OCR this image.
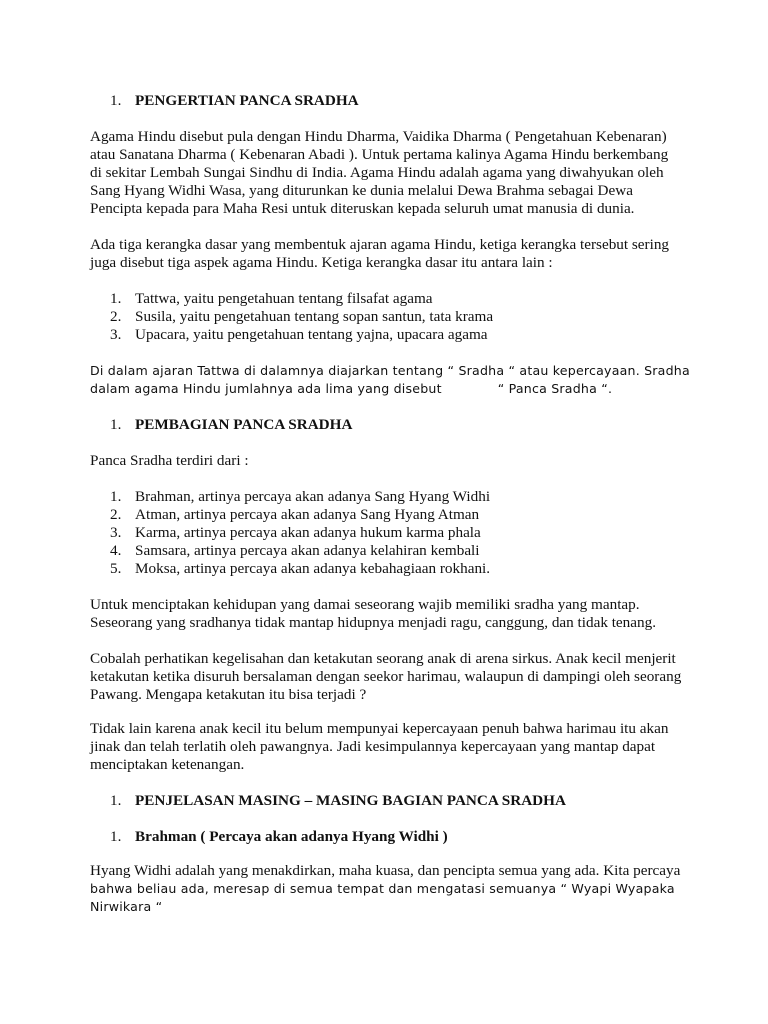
1. PENGERTIAN PANCA SRADHA
Agama Hindu disebut pula dengan Hindu Dharma, Vaidika Dharma ( Pengetahuan Kebenaran)
atau Sanatana Dharma ( Kebenaran Abadi ). Untuk pertama kalinya Agama Hindu berkembang
di sekitar Lembah Sungai Sindhu di India. Agama Hindu adalah agama yang diwahyukan oleh
Sang Hyang Widhi Wasa, yang diturunkan ke dunia melalui Dewa Brahma sebagai Dewa
Pencipta kepada para Maha Resi untuk diteruskan kepada seluruh umat manusia di dunia.
Ada tiga kerangka dasar yang membentuk ajaran agama Hindu, ketiga kerangka tersebut sering
juga disebut tiga aspek agama Hindu. Ketiga kerangka dasar itu antara lain :
1. Tattwa, yaitu pengetahuan tentang filsafat agama
2. Susila, yaitu pengetahuan tentang sopan santun, tata krama
3. Upacara, yaitu pengetahuan tentang yajna, upacara agama
Di dalam ajaran Tattwa di dalamnya diajarkan tentang “ Sradha “ atau kepercayaan. Sradha
dalam agama Hindu jumlahnya ada lima yang disebut	“ Panca Sradha “.
1. PEMBAGIAN PANCA SRADHA
Panca Sradha terdiri dari :
1. Brahman, artinya percaya akan adanya Sang Hyang Widhi
2. Atman, artinya percaya akan adanya Sang Hyang Atman
3. Karma, artinya percaya akan adanya hukum karma phala
4. Samsara, artinya percaya akan adanya kelahiran kembali
5. Moksa, artinya percaya akan adanya kebahagiaan rokhani.
Untuk menciptakan kehidupan yang damai seseorang wajib memiliki sradha yang mantap.
Seseorang yang sradhanya tidak mantap hidupnya menjadi ragu, canggung, dan tidak tenang.
Cobalah perhatikan kegelisahan dan ketakutan seorang anak di arena sirkus. Anak kecil menjerit
ketakutan ketika disuruh bersalaman dengan seekor harimau, walaupun di dampingi oleh seorang
Pawang. Mengapa ketakutan itu bisa terjadi ?
Tidak lain karena anak kecil itu belum mempunyai kepercayaan penuh bahwa harimau itu akan
jinak dan telah terlatih oleh pawangnya. Jadi kesimpulannya kepercayaan yang mantap dapat
menciptakan ketenangan.
1. PENJELASAN MASING – MASING BAGIAN PANCA SRADHA
1. Brahman ( Percaya akan adanya Hyang Widhi )
Hyang Widhi adalah yang menakdirkan, maha kuasa, dan pencipta semua yang ada. Kita percaya
bahwa beliau ada, meresap di semua tempat dan mengatasi semuanya “ Wyapi Wyapaka
Nirwikara “
